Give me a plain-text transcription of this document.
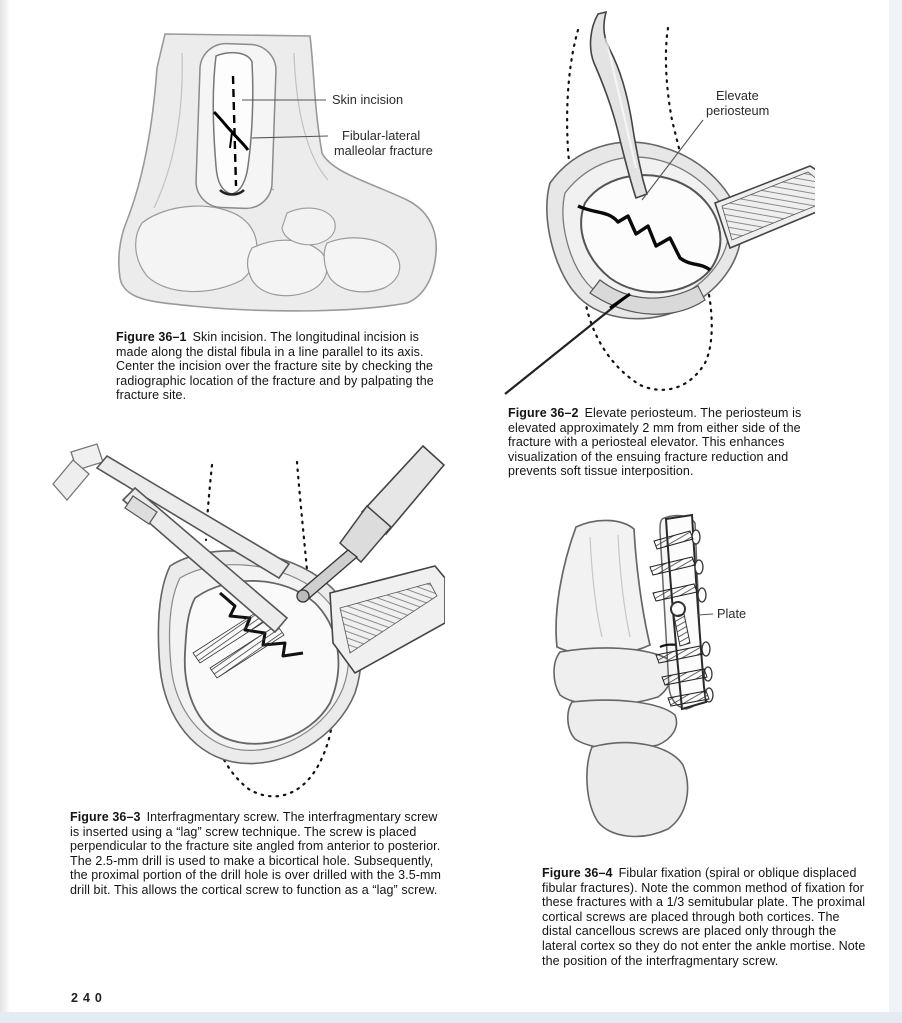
Skin incision
Fibular-lateral
malleolar fracture
Elevate
periosteum
Plate
Figure 36–1 Skin incision. The longitudinal incision is made along the distal fibula in a line parallel to its axis. Center the incision over the fracture site by checking the radiographic location of the fracture and by palpating the fracture site.
Figure 36–2 Elevate periosteum. The periosteum is elevated approximately 2 mm from either side of the fracture with a periosteal elevator. This enhances visualization of the ensuing fracture reduction and prevents soft tissue interposition.
Figure 36–3 Interfragmentary screw. The interfragmentary screw is inserted using a “lag” screw technique. The screw is placed perpendicular to the fracture site angled from anterior to posterior. The 2.5-mm drill is used to make a bicortical hole. Subsequently, the proximal portion of the drill hole is over drilled with the 3.5-mm drill bit. This allows the cortical screw to function as a “lag” screw.
Figure 36–4 Fibular fixation (spiral or oblique displaced fibular fractures). Note the common method of fixation for these fractures with a 1/3 semitubular plate. The proximal cortical screws are placed through both cortices. The distal cancellous screws are placed only through the lateral cortex so they do not enter the ankle mortise. Note the position of the interfragmentary screw.
240
